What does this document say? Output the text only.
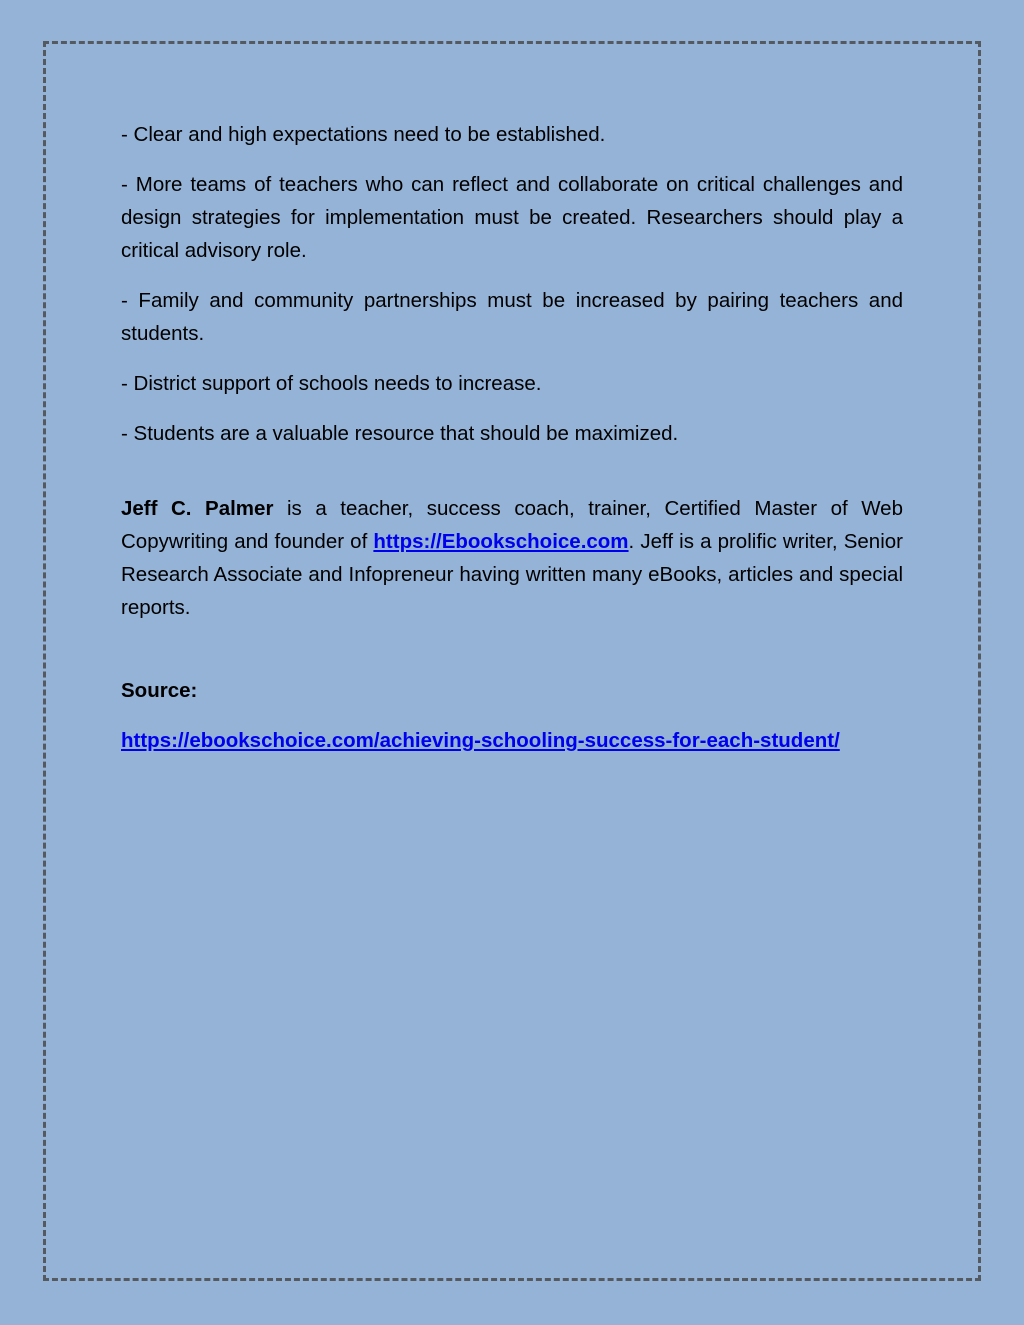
- Clear and high expectations need to be established.

- More teams of teachers who can reflect and collaborate on critical challenges and design strategies for implementation must be created. Researchers should play a critical advisory role.

- Family and community partnerships must be increased by pairing teachers and students.

- District support of schools needs to increase.

- Students are a valuable resource that should be maximized.

Jeff C. Palmer is a teacher, success coach, trainer, Certified Master of Web Copywriting and founder of https://Ebookschoice.com. Jeff is a prolific writer, Senior Research Associate and Infopreneur having written many eBooks, articles and special reports.

Source:

https://ebookschoice.com/achieving-schooling-success-for-each-student/
